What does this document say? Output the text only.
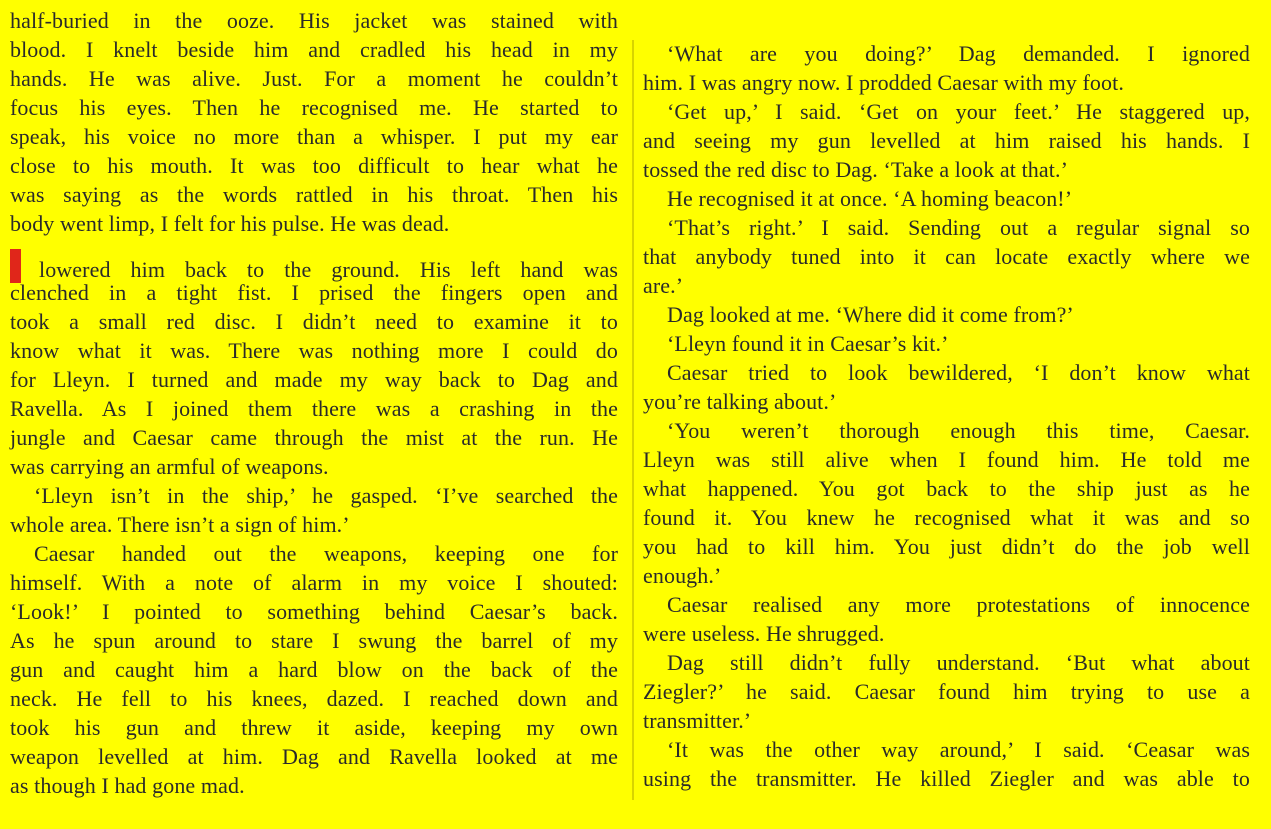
half-buried in the ooze. His jacket was stained with
blood. I knelt beside him and cradled his head in my
hands. He was alive. Just. For a moment he couldn’t
focus his eyes. Then he recognised me. He started to
speak, his voice no more than a whisper. I put my ear
close to his mouth. It was too difficult to hear what he
was saying as the words rattled in his throat. Then his
body went limp, I felt for his pulse. He was dead.
lowered him back to the ground. His left hand was
clenched in a tight fist. I prised the fingers open and
took a small red disc. I didn’t need to examine it to
know what it was. There was nothing more I could do
for Lleyn. I turned and made my way back to Dag and
Ravella. As I joined them there was a crashing in the
jungle and Caesar came through the mist at the run. He
was carrying an armful of weapons.
‘Lleyn isn’t in the ship,’ he gasped. ‘I’ve searched the
whole area. There isn’t a sign of him.’
Caesar handed out the weapons, keeping one for
himself. With a note of alarm in my voice I shouted:
‘Look!’ I pointed to something behind Caesar’s back.
As he spun around to stare I swung the barrel of my
gun and caught him a hard blow on the back of the
neck. He fell to his knees, dazed. I reached down and
took his gun and threw it aside, keeping my own
weapon levelled at him. Dag and Ravella looked at me
as though I had gone mad.
‘What are you doing?’ Dag demanded. I ignored
him. I was angry now. I prodded Caesar with my foot.
‘Get up,’ I said. ‘Get on your feet.’ He staggered up,
and seeing my gun levelled at him raised his hands. I
tossed the red disc to Dag. ‘Take a look at that.’
He recognised it at once. ‘A homing beacon!’
‘That’s right.’ I said. Sending out a regular signal so
that anybody tuned into it can locate exactly where we
are.’
Dag looked at me. ‘Where did it come from?’
‘Lleyn found it in Caesar’s kit.’
Caesar tried to look bewildered, ‘I don’t know what
you’re talking about.’
‘You weren’t thorough enough this time, Caesar.
Lleyn was still alive when I found him. He told me
what happened. You got back to the ship just as he
found it. You knew he recognised what it was and so
you had to kill him. You just didn’t do the job well
enough.’
Caesar realised any more protestations of innocence
were useless. He shrugged.
Dag still didn’t fully understand. ‘But what about
Ziegler?’ he said. Caesar found him trying to use a
transmitter.’
‘It was the other way around,’ I said. ‘Ceasar was
using the transmitter. He killed Ziegler and was able to
